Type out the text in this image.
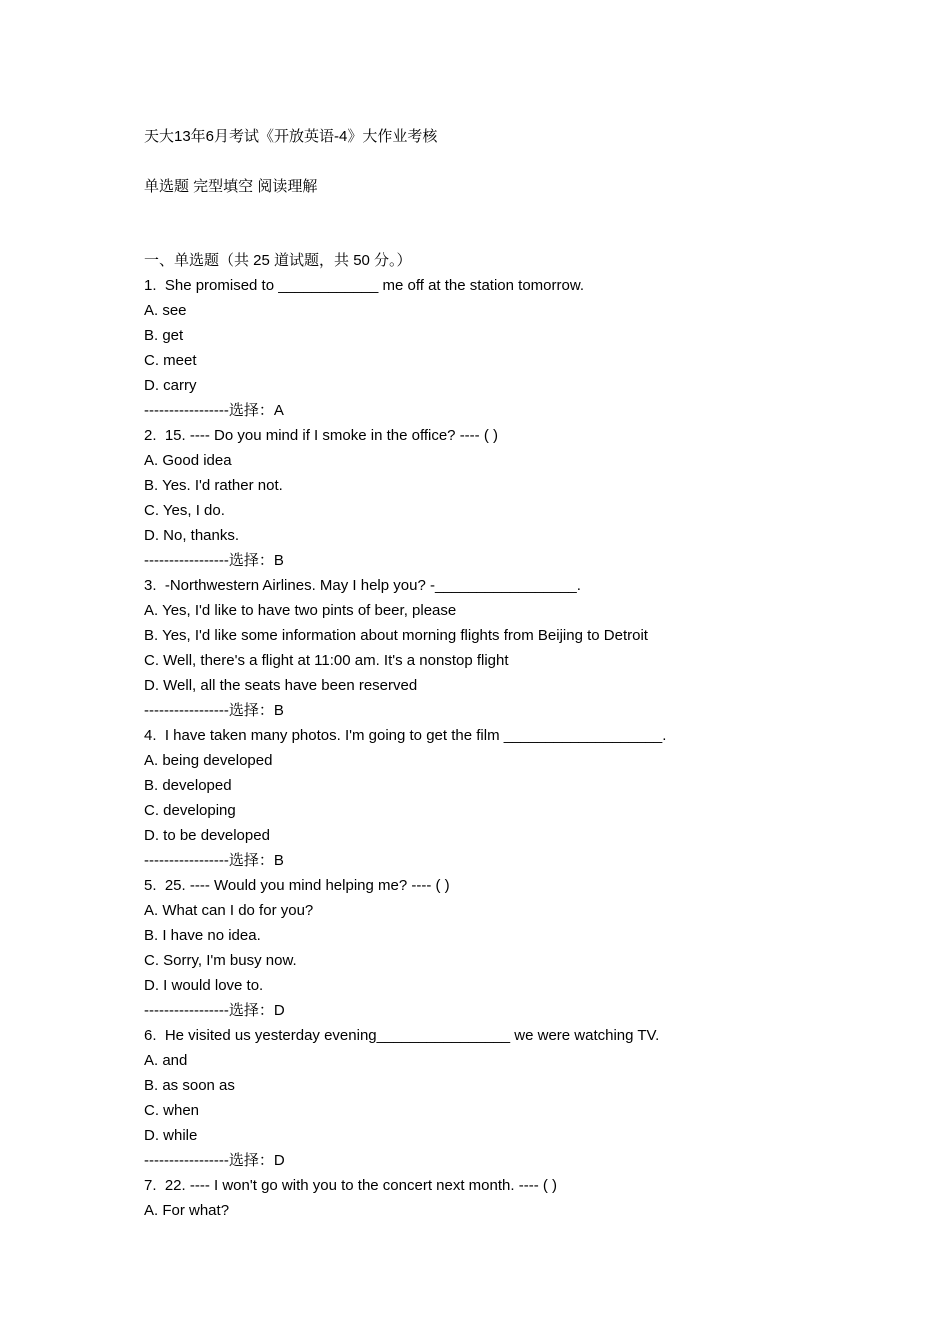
天大13年6月考试《开放英语-4》大作业考核
单选题 完型填空 阅读理解
一、单选题（共 25 道试题，共 50 分。）
1.  She promised to ____________ me off at the station tomorrow.
A. see
B. get
C. meet
D. carry
-----------------选择：A
2.  15. ---- Do you mind if I smoke in the office? ---- ( )
A. Good idea
B. Yes. I'd rather not.
C. Yes, I do.
D. No, thanks.
-----------------选择：B
3.  -Northwestern Airlines. May I help you? -_________________.
A. Yes, I'd like to have two pints of beer, please
B. Yes, I'd like some information about morning flights from Beijing to Detroit
C. Well, there's a flight at 11:00 am. It's a nonstop flight
D. Well, all the seats have been reserved
-----------------选择：B
4.  I have taken many photos. I'm going to get the film ___________________.
A. being developed
B. developed
C. developing
D. to be developed
-----------------选择：B
5.  25. ---- Would you mind helping me? ---- ( )
A. What can I do for you?
B. I have no idea.
C. Sorry, I'm busy now.
D. I would love to.
-----------------选择：D
6.  He visited us yesterday evening________________ we were watching TV.
A. and
B. as soon as
C. when
D. while
-----------------选择：D
7.  22. ---- I won't go with you to the concert next month. ---- ( )
A. For what?
